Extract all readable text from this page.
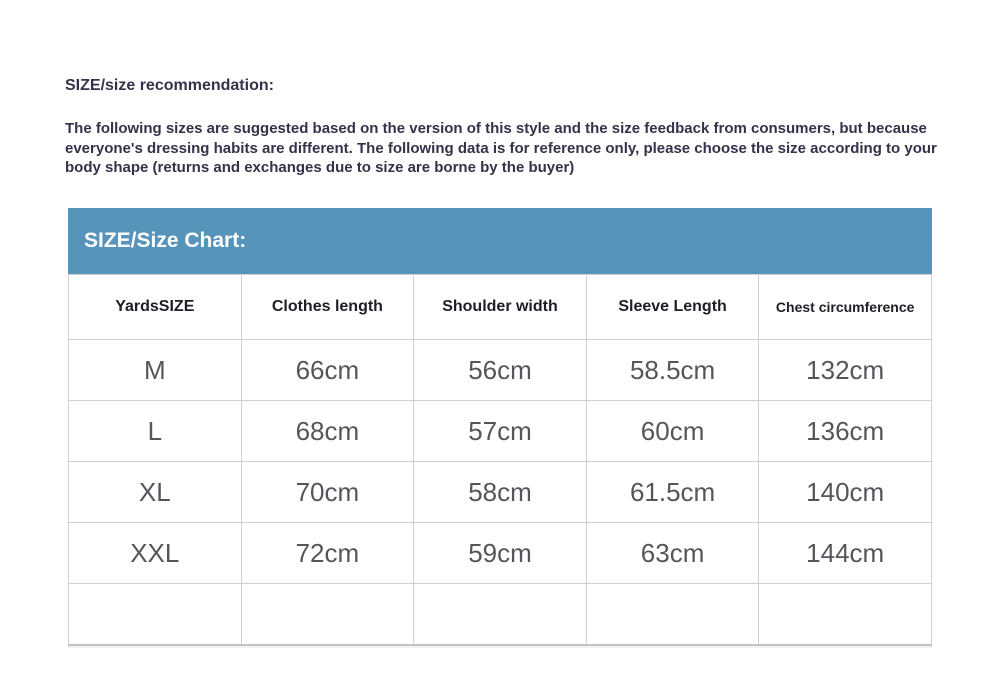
SIZE/size recommendation:

The following sizes are suggested based on the version of this style and the size feedback from consumers, but because everyone's dressing habits are different. The following data is for reference only, please choose the size according to your body shape (returns and exchanges due to size are borne by the buyer)

SIZE/Size Chart:
YardsSIZE	Clothes length	Shoulder width	Sleeve Length	Chest circumference
M	66cm	56cm	58.5cm	132cm
L	68cm	57cm	60cm	136cm
XL	70cm	58cm	61.5cm	140cm
XXL	72cm	59cm	63cm	144cm
